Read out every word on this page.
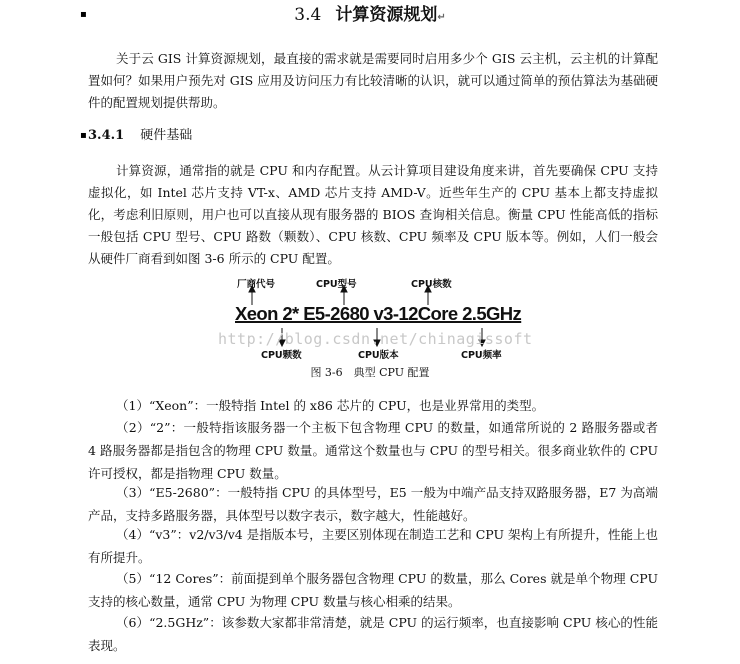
▪	3.4 计算资源规划↵
关于云 GIS 计算资源规划，最直接的需求就是需要同时启用多少个 GIS 云主机，云主机的计算配置如何？如果用户预先对 GIS 应用及访问压力有比较清晰的认识，就可以通过简单的预估算法为基础硬件的配置规划提供帮助。
▪ 3.4.1 硬件基础
计算资源，通常指的就是 CPU 和内存配置。从云计算项目建设角度来讲，首先要确保 CPU 支持虚拟化，如 Intel 芯片支持 VT-x、AMD 芯片支持 AMD-V。近些年生产的 CPU 基本上都支持虚拟化，考虑利旧原则，用户也可以直接从现有服务器的 BIOS 查询相关信息。衡量 CPU 性能高低的指标一般包括 CPU 型号、CPU 路数（颗数）、CPU 核数、CPU 频率及 CPU 版本等。例如，人们一般会从硬件厂商看到如图 3-6 所示的 CPU 配置。
厂商代号	CPU型号	CPU核数
Xeon 2* E5-2680 v3-12Core 2.5GHz
CPU颗数	CPU版本	CPU频率
http://blog.csdn.net/chinagissoft
图 3-6　典型 CPU 配置
（1）“Xeon”：一般特指 Intel 的 x86 芯片的 CPU，也是业界常用的类型。
（2）“2”：一般特指该服务器一个主板下包含物理 CPU 的数量，如通常所说的 2 路服务器或者 4 路服务器都是指包含的物理 CPU 数量。通常这个数量也与 CPU 的型号相关。很多商业软件的 CPU 许可授权，都是指物理 CPU 数量。
（3）“E5-2680”：一般特指 CPU 的具体型号，E5 一般为中端产品支持双路服务器，E7 为高端产品，支持多路服务器，具体型号以数字表示，数字越大，性能越好。
（4）“v3”：v2/v3/v4 是指版本号，主要区别体现在制造工艺和 CPU 架构上有所提升，性能上也有所提升。
（5）“12 Cores”：前面提到单个服务器包含物理 CPU 的数量，那么 Cores 就是单个物理 CPU 支持的核心数量，通常 CPU 为物理 CPU 数量与核心相乘的结果。
（6）“2.5GHz”：该参数大家都非常清楚，就是 CPU 的运行频率，也直接影响 CPU 核心的性能表现。
